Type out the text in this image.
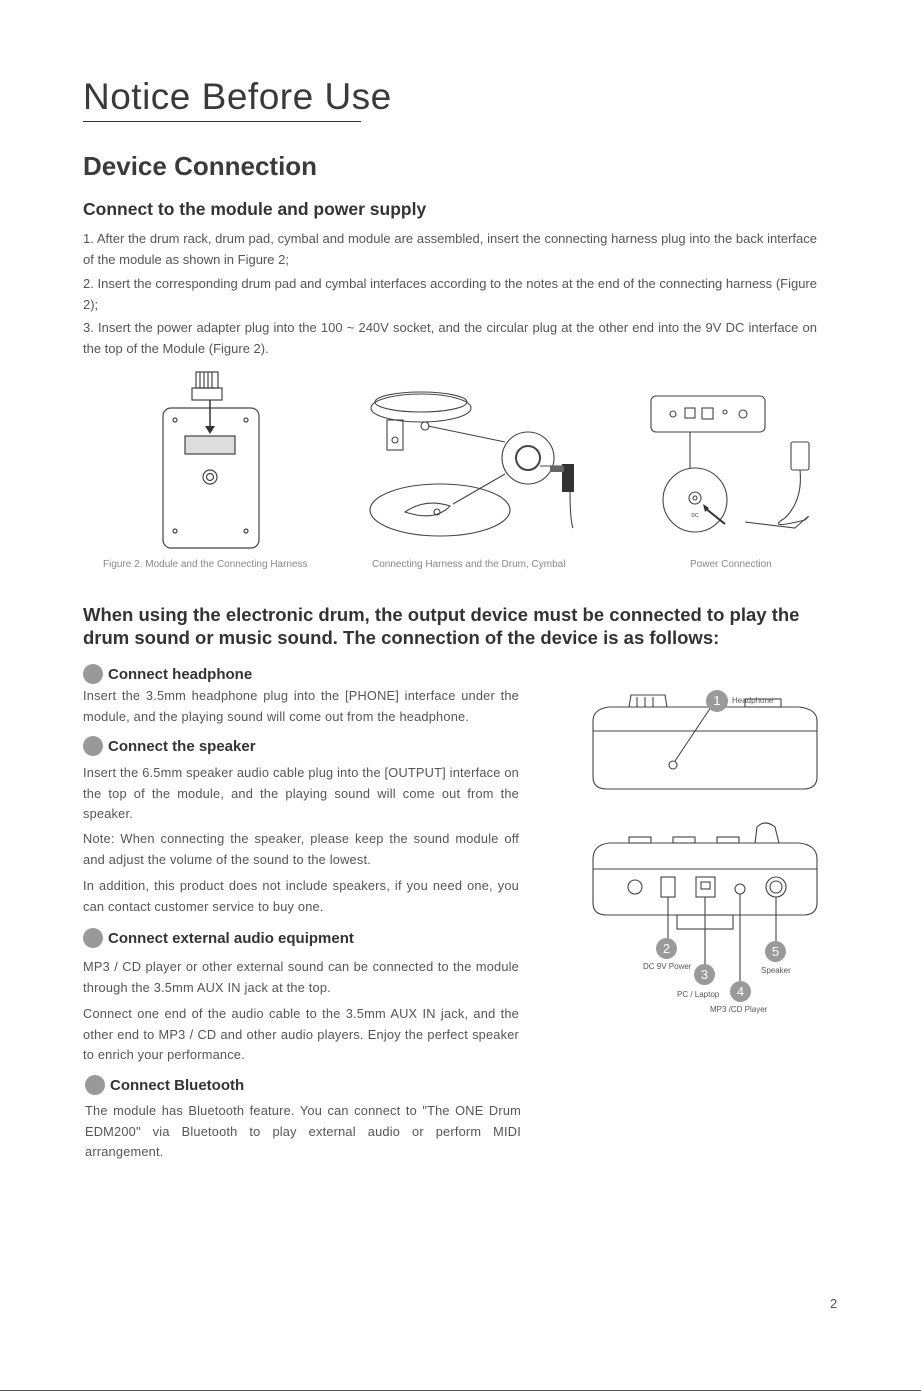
Notice Before Use
Device Connection
Connect to the module and power supply

1. After the drum rack, drum pad, cymbal and module are assembled, insert the connecting harness plug into the back interface of the module as shown in Figure 2;

2. Insert the corresponding drum pad and cymbal interfaces according to the notes at the end of the connecting harness (Figure 2);

3. Insert the power adapter plug into the 100 ~ 240V socket, and the circular plug at the other end into the 9V DC interface on the top of the Module (Figure 2).

Figure 2. Module and the Connecting Harness	Connecting Harness and the Drum, Cymbal
DC
Power Connection
When using the electronic drum, the output device must be connected to play the drum sound or music sound. The connection of the device is as follows:
Connect headphone

Insert the 3.5mm headphone plug into the [PHONE] interface under the module, and the playing sound will come out from the headphone.

Connect the speaker

Insert the 6.5mm speaker audio cable plug into the [OUTPUT] interface on the top of the module, and the playing sound will come out from the speaker.

Note: When connecting the speaker, please keep the sound module off and adjust the volume of the sound to the lowest.

In addition, this product does not include speakers, if you need one, you can contact customer service to buy one.

Connect external audio equipment

MP3 / CD player or other external sound can be connected to the module through the 3.5mm AUX IN jack at the top.

Connect one end of the audio cable to the 3.5mm AUX IN jack, and the other end to MP3 / CD and other audio players. Enjoy the perfect speaker to enrich your performance.

Connect Bluetooth

The module has Bluetooth feature. You can connect to "The ONE Drum EDM200" via Bluetooth to play external audio or perform MIDI arrangement.

1	Headphone
2
DC 9V Power
3
PC / Laptop	4
MP3 /CD Player
5
Speaker
2
